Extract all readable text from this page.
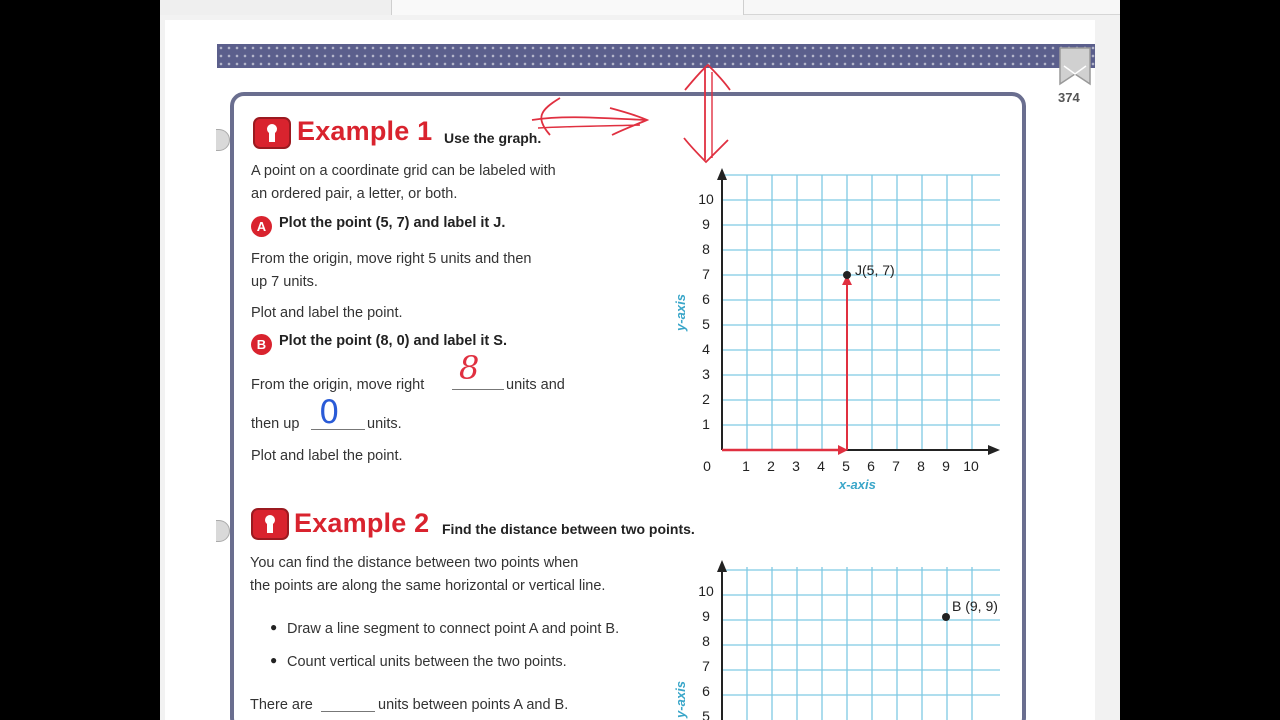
374
Example 1 Use the graph.
A point on a coordinate grid can be labeled with
an ordered pair, a letter, or both.
A Plot the point (5, 7) and label it J.
From the origin, move right 5 units and then
up 7 units.
Plot and label the point.
B Plot the point (8, 0) and label it S.
From the origin, move right	units and
then up	units.
Plot and label the point.
J(5, 7)
10
9
8
7
6
5
4
3
2
1
0 1 2 3 4 5 6 7 8 9 10
x-axis
y-axis
8
0
Example 2 Find the distance between two points.
You can find the distance between two points when
the points are along the same horizontal or vertical line.
● Draw a line segment to connect point A and point B.
● Count vertical units between the two points.
There are	units between points A and B.
B (9, 9)
10
9
8
7
6
5
y-axis
